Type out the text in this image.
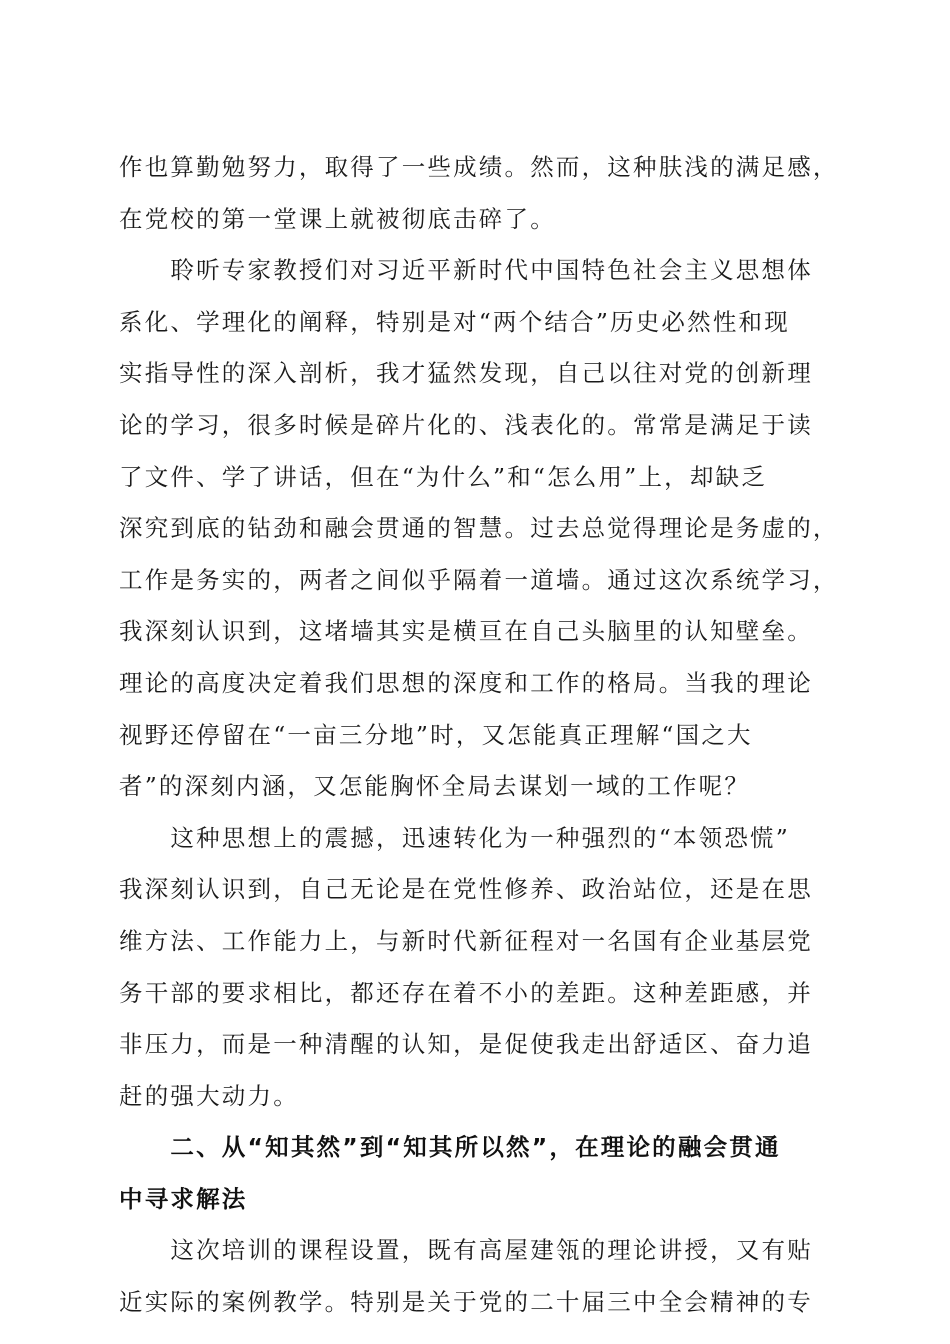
作也算勤勉努力，取得了一些成绩。然而，这种肤浅的满足感，
在党校的第一堂课上就被彻底击碎了。
　　聆听专家教授们对习近平新时代中国特色社会主义思想体
系化、学理化的阐释，特别是对“两个结合”历史必然性和现
实指导性的深入剖析，我才猛然发现，自己以往对党的创新理
论的学习，很多时候是碎片化的、浅表化的。常常是满足于读
了文件、学了讲话，但在“为什么”和“怎么用”上，却缺乏
深究到底的钻劲和融会贯通的智慧。过去总觉得理论是务虚的，
工作是务实的，两者之间似乎隔着一道墙。通过这次系统学习，
我深刻认识到，这堵墙其实是横亘在自己头脑里的认知壁垒。
理论的高度决定着我们思想的深度和工作的格局。当我的理论
视野还停留在“一亩三分地”时，又怎能真正理解“国之大
者”的深刻内涵，又怎能胸怀全局去谋划一域的工作呢？
　　这种思想上的震撼，迅速转化为一种强烈的“本领恐慌”
我深刻认识到，自己无论是在党性修养、政治站位，还是在思
维方法、工作能力上，与新时代新征程对一名国有企业基层党
务干部的要求相比，都还存在着不小的差距。这种差距感，并
非压力，而是一种清醒的认知，是促使我走出舒适区、奋力追
赶的强大动力。
　　二、从“知其然”到“知其所以然”，在理论的融会贯通
中寻求解法
　　这次培训的课程设置，既有高屋建瓴的理论讲授，又有贴
近实际的案例教学。特别是关于党的二十届三中全会精神的专
